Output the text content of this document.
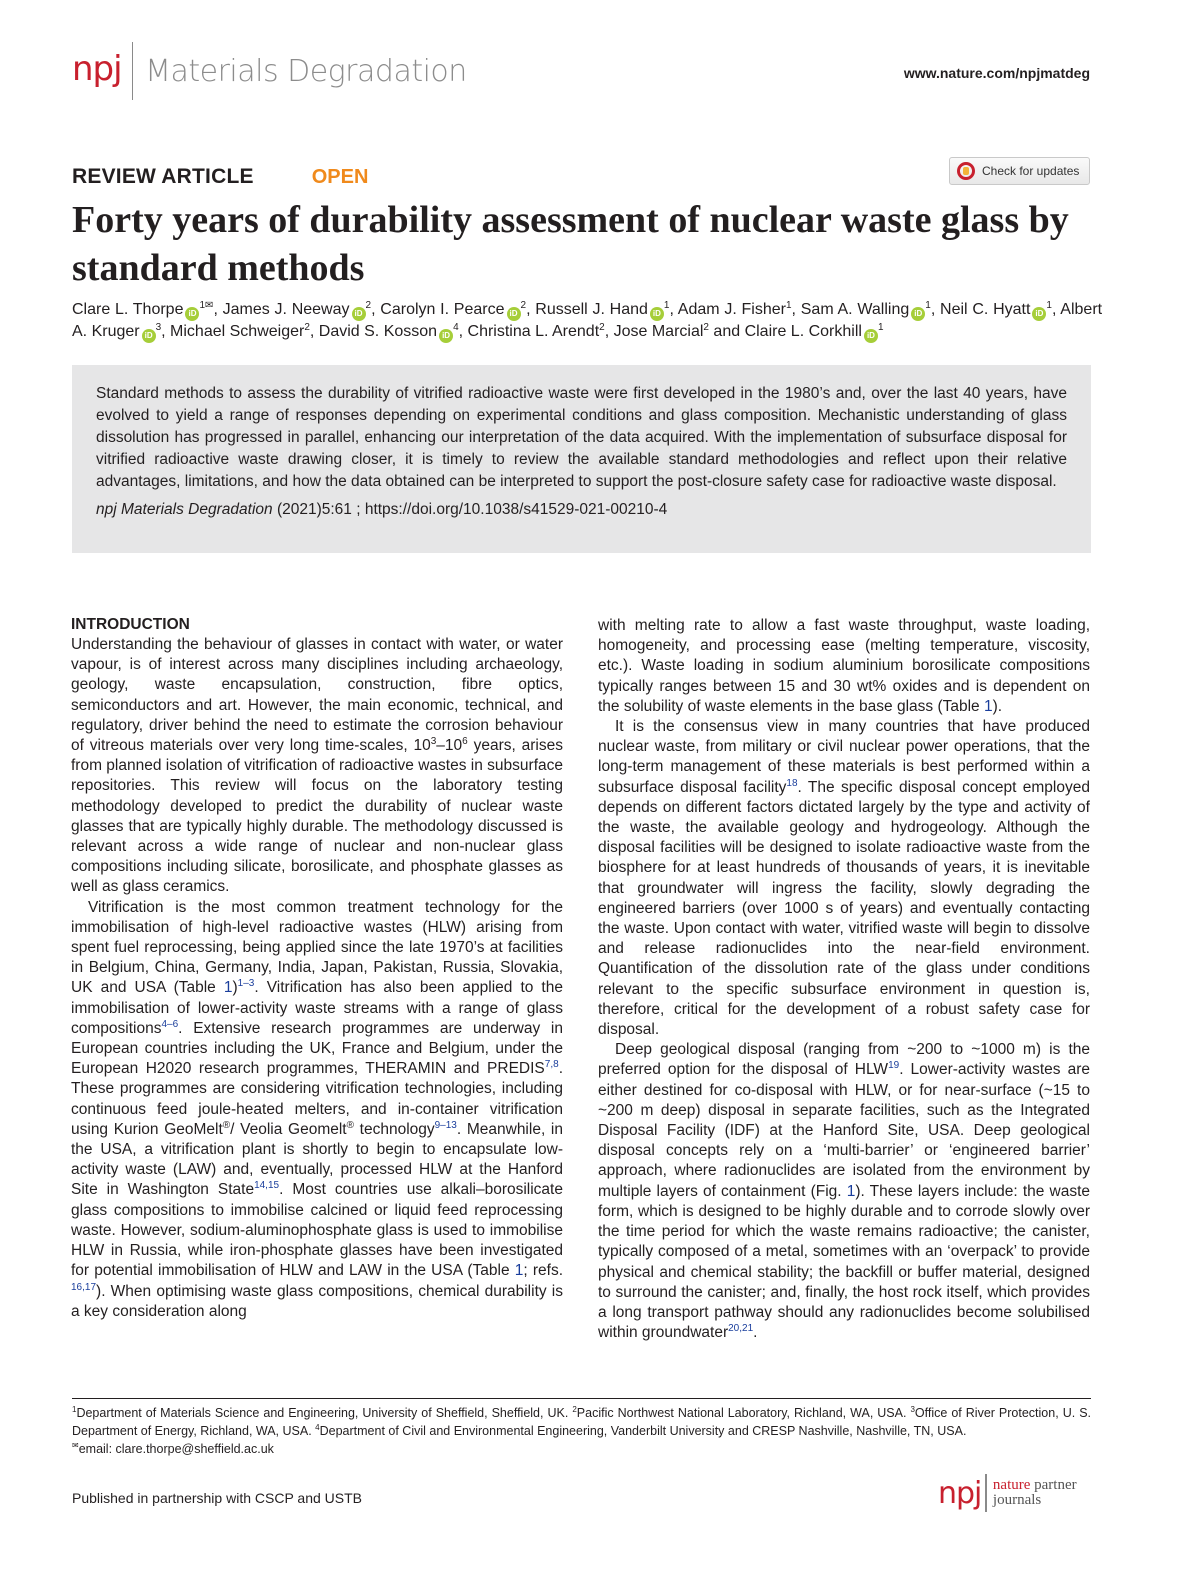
npj Materials Degradation	www.nature.com/npjmatdeg
REVIEW ARTICLE	OPEN	Check for updates
Forty years of durability assessment of nuclear waste glass by standard methods
Clare L. Thorpe $iD^{1✉}$, James J. Neeway $iD^2$, Carolyn I. Pearce $iD^2$, Russell J. Hand $iD^1$, Adam J. Fisher$^1$, Sam A. Walling $iD^1$, Neil C. Hyatt $iD^1$, Albert A. Kruger $iD^3$, Michael Schweiger$^2$, David S. Kosson $iD^4$, Christina L. Arendt$^2$, Jose Marcial$^2$ and Claire L. Corkhill $iD^1$

Standard methods to assess the durability of vitrified radioactive waste were first developed in the 1980’s and, over the last 40 years, have evolved to yield a range of responses depending on experimental conditions and glass composition. Mechanistic understanding of glass dissolution has progressed in parallel, enhancing our interpretation of the data acquired. With the implementation of subsurface disposal for vitrified radioactive waste drawing closer, it is timely to review the available standard methodologies and reflect upon their relative advantages, limitations, and how the data obtained can be interpreted to support the post-closure safety case for radioactive waste disposal.

npj Materials Degradation (2021)5:61 ; https://doi.org/10.1038/s41529-021-00210-4

INTRODUCTION

Understanding the behaviour of glasses in contact with water, or water vapour, is of interest across many disciplines including archaeology, geology, waste encapsulation, construction, fibre optics, semiconductors and art. However, the main economic, technical, and regulatory, driver behind the need to estimate the corrosion behaviour of vitreous materials over very long time-scales, $10^3-10^6$ years, arises from planned isolation of vitrification of radioactive wastes in subsurface repositories. This review will focus on the laboratory testing methodology developed to predict the durability of nuclear waste glasses that are typically highly durable. The methodology discussed is relevant across a wide range of nuclear and non-nuclear glass compositions including silicate, borosilicate, and phosphate glasses as well as glass ceramics.

Vitrification is the most common treatment technology for the immobilisation of high-level radioactive wastes (HLW) arising from spent fuel reprocessing, being applied since the late 1970’s at facilities in Belgium, China, Germany, India, Japan, Pakistan, Russia, Slovakia, UK and USA (Table 1)$^{1-3}$. Vitrification has also been applied to the immobilisation of lower-activity waste streams with a range of glass compositions$^{4-6}$. Extensive research programmes are underway in European countries including the UK, France and Belgium, under the European H2020 research programmes, THERAMIN and PREDIS$^{7,8}$. These programmes are considering vitrification technologies, including continuous feed joule-heated melters, and in-container vitrification using Kurion GeoMelt®/ Veolia Geomelt® technology$^{9-13}$. Meanwhile, in the USA, a vitrification plant is shortly to begin to encapsulate low-activity waste (LAW) and, eventually, processed HLW at the Hanford Site in Washington State$^{14,15}$. Most countries use alkali–borosilicate glass compositions to immobilise calcined or liquid feed reprocessing waste. However, sodium-aluminophosphate glass is used to immobilise HLW in Russia, while iron-phosphate glasses have been investigated for potential immobilisation of HLW and LAW in the USA (Table 1; refs. $^{16,17}$). When optimising waste glass compositions, chemical durability is a key consideration along

with melting rate to allow a fast waste throughput, waste loading, homogeneity, and processing ease (melting temperature, viscosity, etc.). Waste loading in sodium aluminium borosilicate compositions typically ranges between 15 and 30 wt% oxides and is dependent on the solubility of waste elements in the base glass (Table 1).

It is the consensus view in many countries that have produced nuclear waste, from military or civil nuclear power operations, that the long-term management of these materials is best performed within a subsurface disposal facility$^{18}$. The specific disposal concept employed depends on different factors dictated largely by the type and activity of the waste, the available geology and hydrogeology. Although the disposal facilities will be designed to isolate radioactive waste from the biosphere for at least hundreds of thousands of years, it is inevitable that groundwater will ingress the facility, slowly degrading the engineered barriers (over 1000 s of years) and eventually contacting the waste. Upon contact with water, vitrified waste will begin to dissolve and release radionuclides into the near-field environment. Quantification of the dissolution rate of the glass under conditions relevant to the specific subsurface environment in question is, therefore, critical for the development of a robust safety case for disposal.

Deep geological disposal (ranging from ~200 to ~1000 m) is the preferred option for the disposal of HLW$^{19}$. Lower-activity wastes are either destined for co-disposal with HLW, or for near-surface (~15 to ~200 m deep) disposal in separate facilities, such as the Integrated Disposal Facility (IDF) at the Hanford Site, USA. Deep geological disposal concepts rely on a ‘multi-barrier’ or ‘engineered barrier’ approach, where radionuclides are isolated from the environment by multiple layers of containment (Fig. 1). These layers include: the waste form, which is designed to be highly durable and to corrode slowly over the time period for which the waste remains radioactive; the canister, typically composed of a metal, sometimes with an ‘overpack’ to provide physical and chemical stability; the backfill or buffer material, designed to surround the canister; and, finally, the host rock itself, which provides a long transport pathway should any radionuclides become solubilised within groundwater$^{20,21}$.

$^1$Department of Materials Science and Engineering, University of Sheffield, Sheffield, UK. $^2$Pacific Northwest National Laboratory, Richland, WA, USA. $^3$Office of River Protection, U. S. Department of Energy, Richland, WA, USA. $^4$Department of Civil and Environmental Engineering, Vanderbilt University and CRESP Nashville, Nashville, TN, USA.
✉email: clare.thorpe@sheffield.ac.uk
Published in partnership with CSCP and USTB	npj nature partner
journals
